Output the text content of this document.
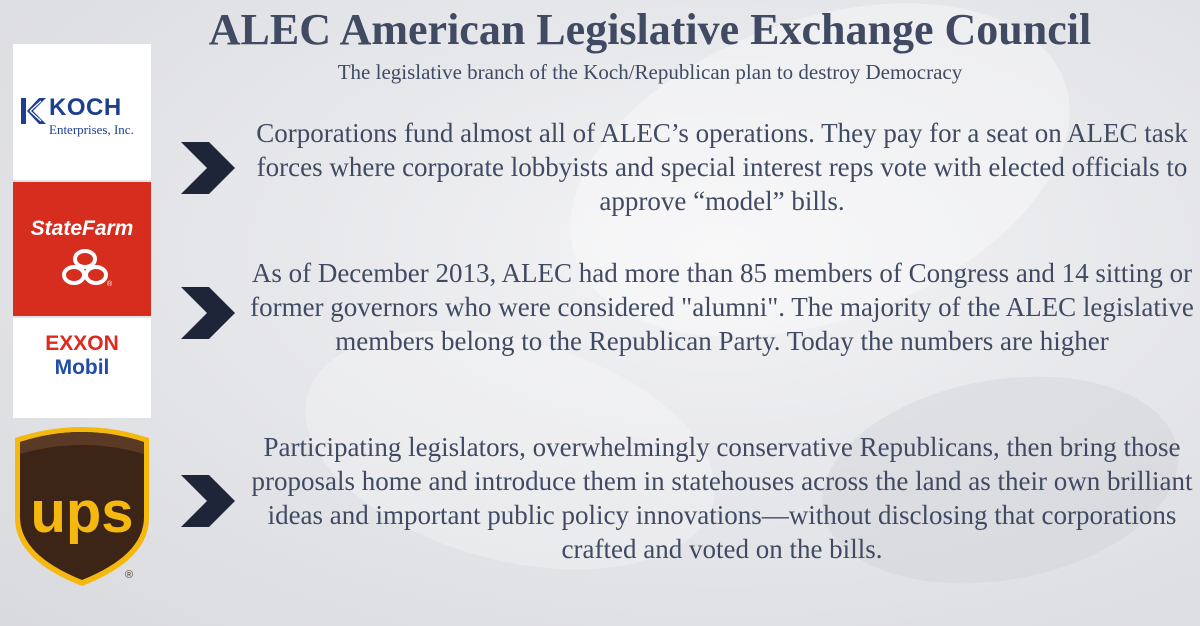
ALEC American Legislative Exchange Council
The legislative branch of the Koch/Republican plan to destroy Democracy
KOCH
Enterprises, Inc.
StateFarm
®
EXXON
Mobil
ups
®

Corporations fund almost all of ALEC’s operations. They pay for a seat on ALEC task forces where corporate lobbyists and special interest reps vote with elected officials to approve “model” bills.

As of December 2013, ALEC had more than 85 members of Congress and 14 sitting or former governors who were considered "alumni". The majority of the ALEC legislative members belong to the Republican Party. Today the numbers are higher

Participating legislators, overwhelmingly conservative Republicans, then bring those proposals home and introduce them in statehouses across the land as their own brilliant ideas and important public policy innovations—without disclosing that corporations crafted and voted on the bills.
